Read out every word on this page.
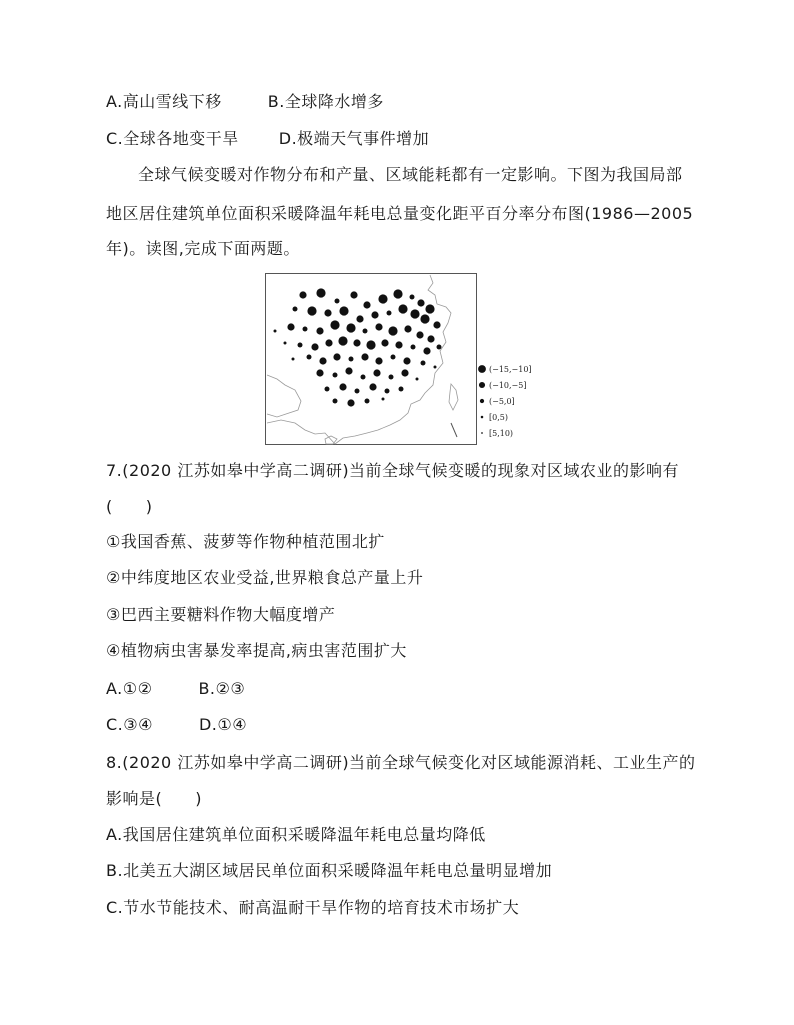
A.高山雪线下移	B.全球降水增多
C.全球各地变干旱	D.极端天气事件增加
全球气候变暖对作物分布和产量、区域能耗都有一定影响。下图为我国局部
地区居住建筑单位面积采暖降温年耗电总量变化距平百分率分布图(1986—2005
年)。读图,完成下面两题。
(−15,−10]
(−10,−5]
(−5,0]
[0,5)
[5,10)
7.(2020 江苏如皋中学高二调研)当前全球气候变暖的现象对区域农业的影响有
(　　)
①我国香蕉、菠萝等作物种植范围北扩
②中纬度地区农业受益,世界粮食总产量上升
③巴西主要糖料作物大幅度增产
④植物病虫害暴发率提高,病虫害范围扩大
A.①②	B.②③
C.③④	D.①④
8.(2020 江苏如皋中学高二调研)当前全球气候变化对区域能源消耗、工业生产的
影响是(　　)
A.我国居住建筑单位面积采暖降温年耗电总量均降低
B.北美五大湖区域居民单位面积采暖降温年耗电总量明显增加
C.节水节能技术、耐高温耐干旱作物的培育技术市场扩大
